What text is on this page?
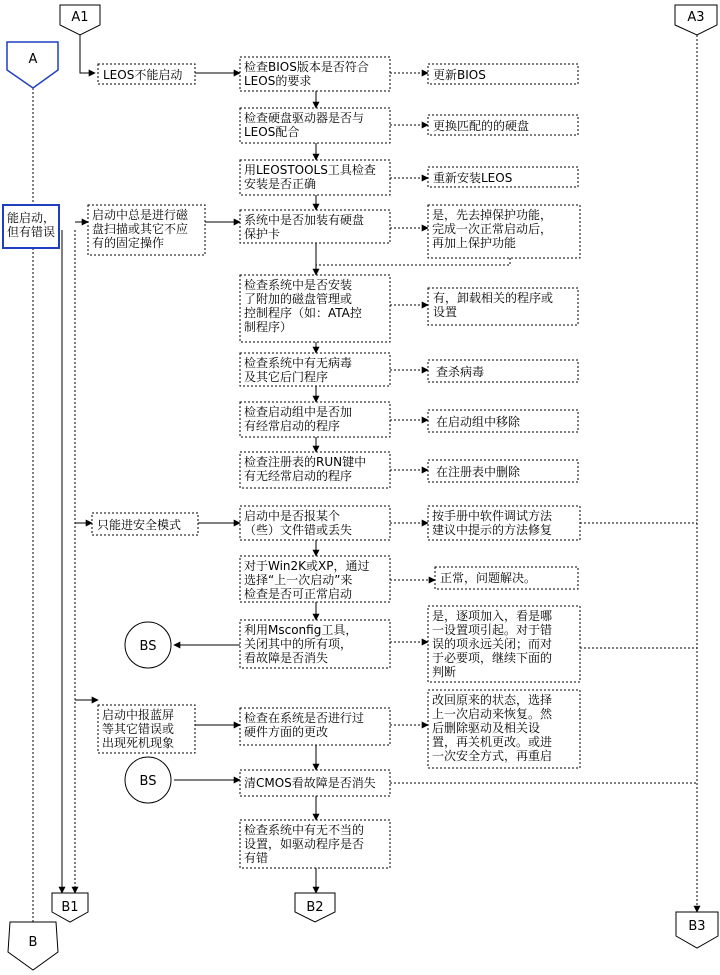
A1	A3
A
B
B1	B2
B3
BS
BS
能启动，但有错误
LEOS不能启动
启动中总是进行磁盘扫描或其它不应有的固定操作
只能进安全模式
启动中报蓝屏等其它错误或出现死机现象
检查BIOS版本是否符合 LEOS的要求
检查硬盘驱动器是否与 LEOS配合
用LEOSTOOLS工具检查安装是否正确
系统中是否加装有硬盘保护卡
检查系统中是否安装了附加的磁盘管理或控制程序（如：ATA控制程序）
检查系统中有无病毒及其它后门程序
检查启动组中是否加有经常启动的程序
检查注册表的RUN键中有无经常启动的程序
启动中是否报某个（些）文件错或丢失
对于Win2K或XP，通过选择“上一次启动”来检查是否可正常启动
利用Msconfig工具，关闭其中的所有项，看故障是否消失
检查在系统是否进行过硬件方面的更改
清CMOS看故障是否消失
检查系统中有无不当的设置，如驱动程序是否有错
更新BIOS
更换匹配的的硬盘
重新安装LEOS
是，先去掉保护功能，完成一次正常启动后，再加上保护功能
有，卸载相关的程序或设置
查杀病毒
在启动组中移除
在注册表中删除
按手册中软件调试方法建议中提示的方法修复
正常，问题解决。
是，逐项加入，看是哪一设置项引起。对于错误的项永远关闭；而对于必要项，继续下面的判断
改回原来的状态，选择上一次启动来恢复。然后删除驱动及相关设置，再关机更改。或进一次安全方式，再重启
